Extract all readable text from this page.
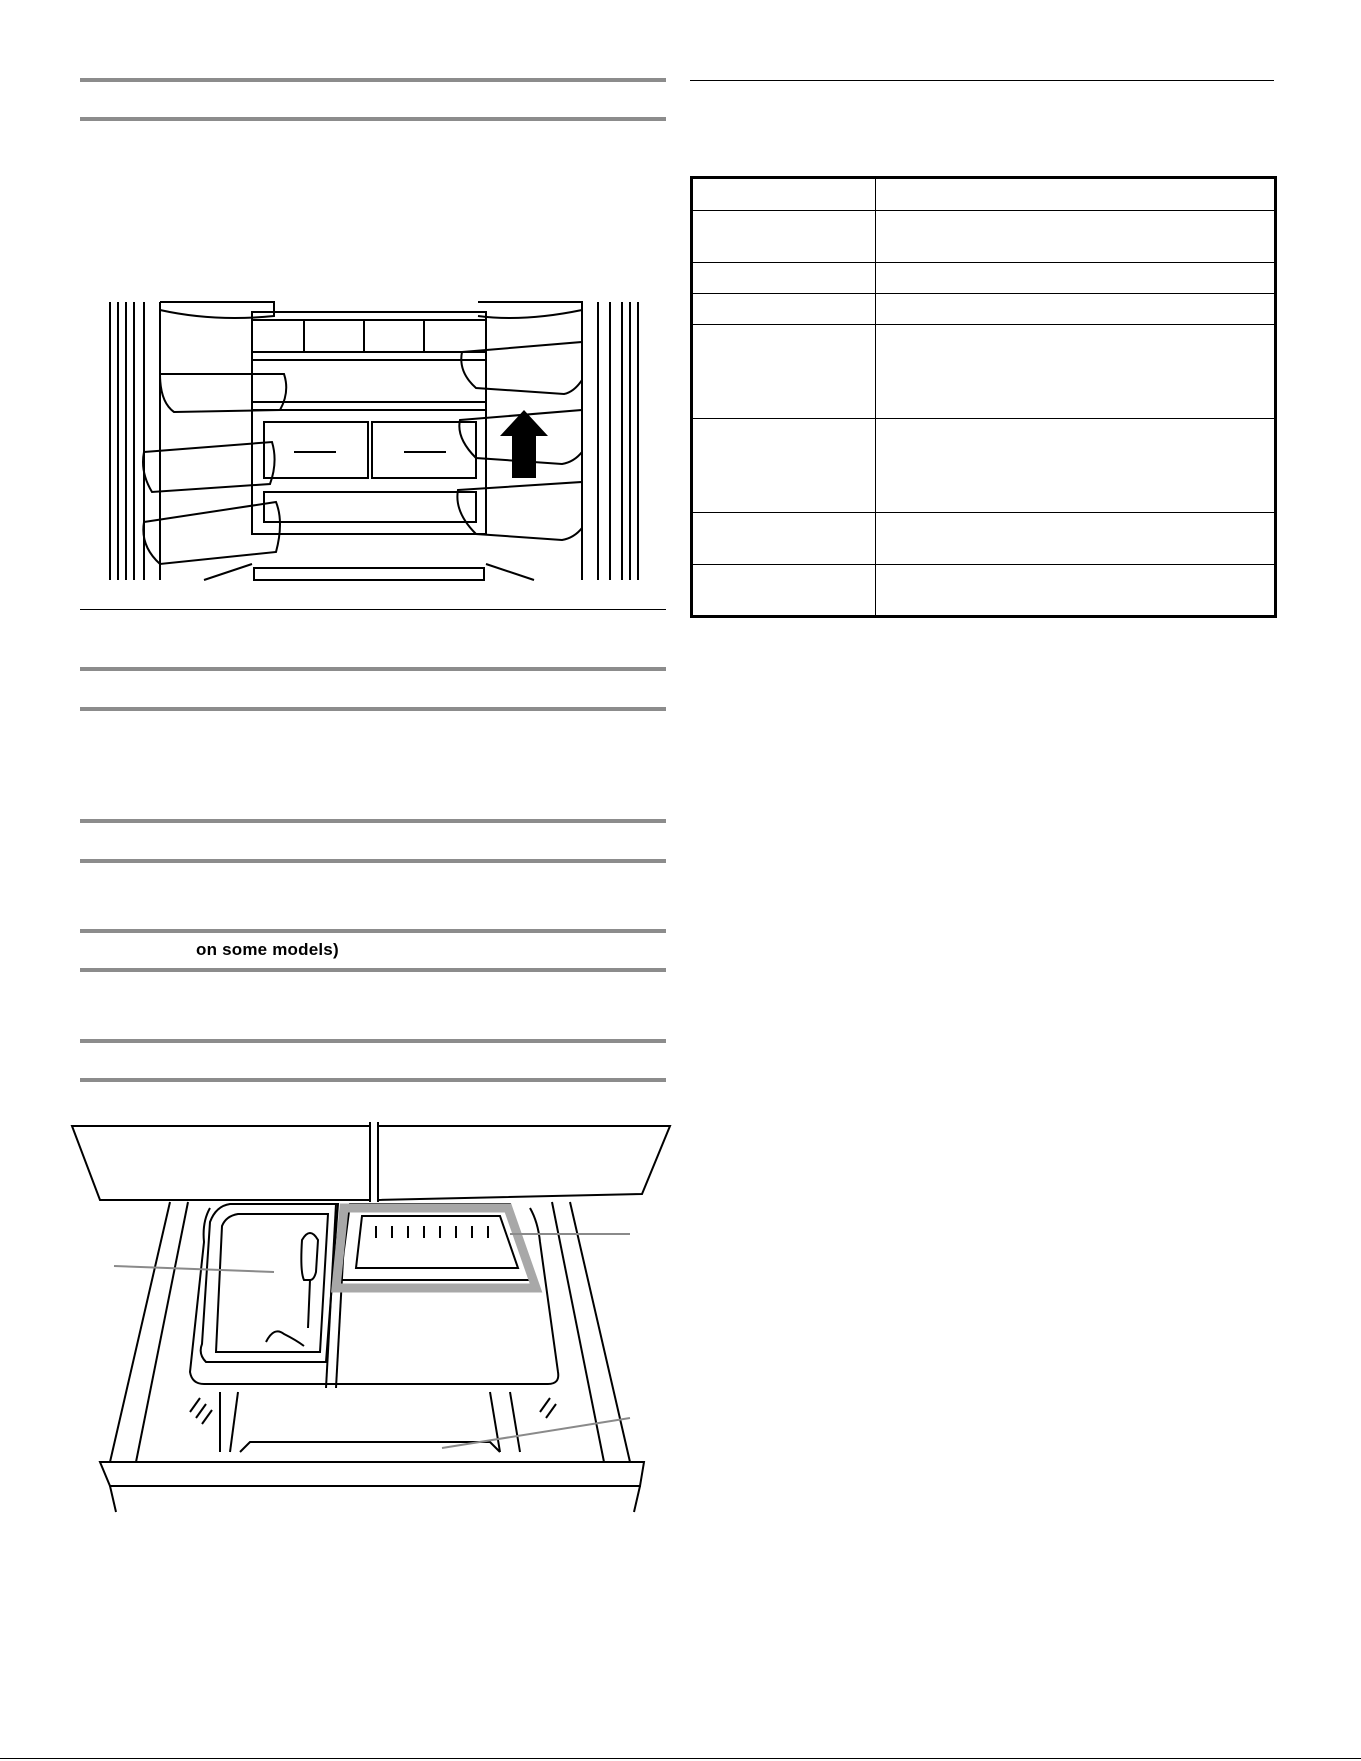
on some models)
